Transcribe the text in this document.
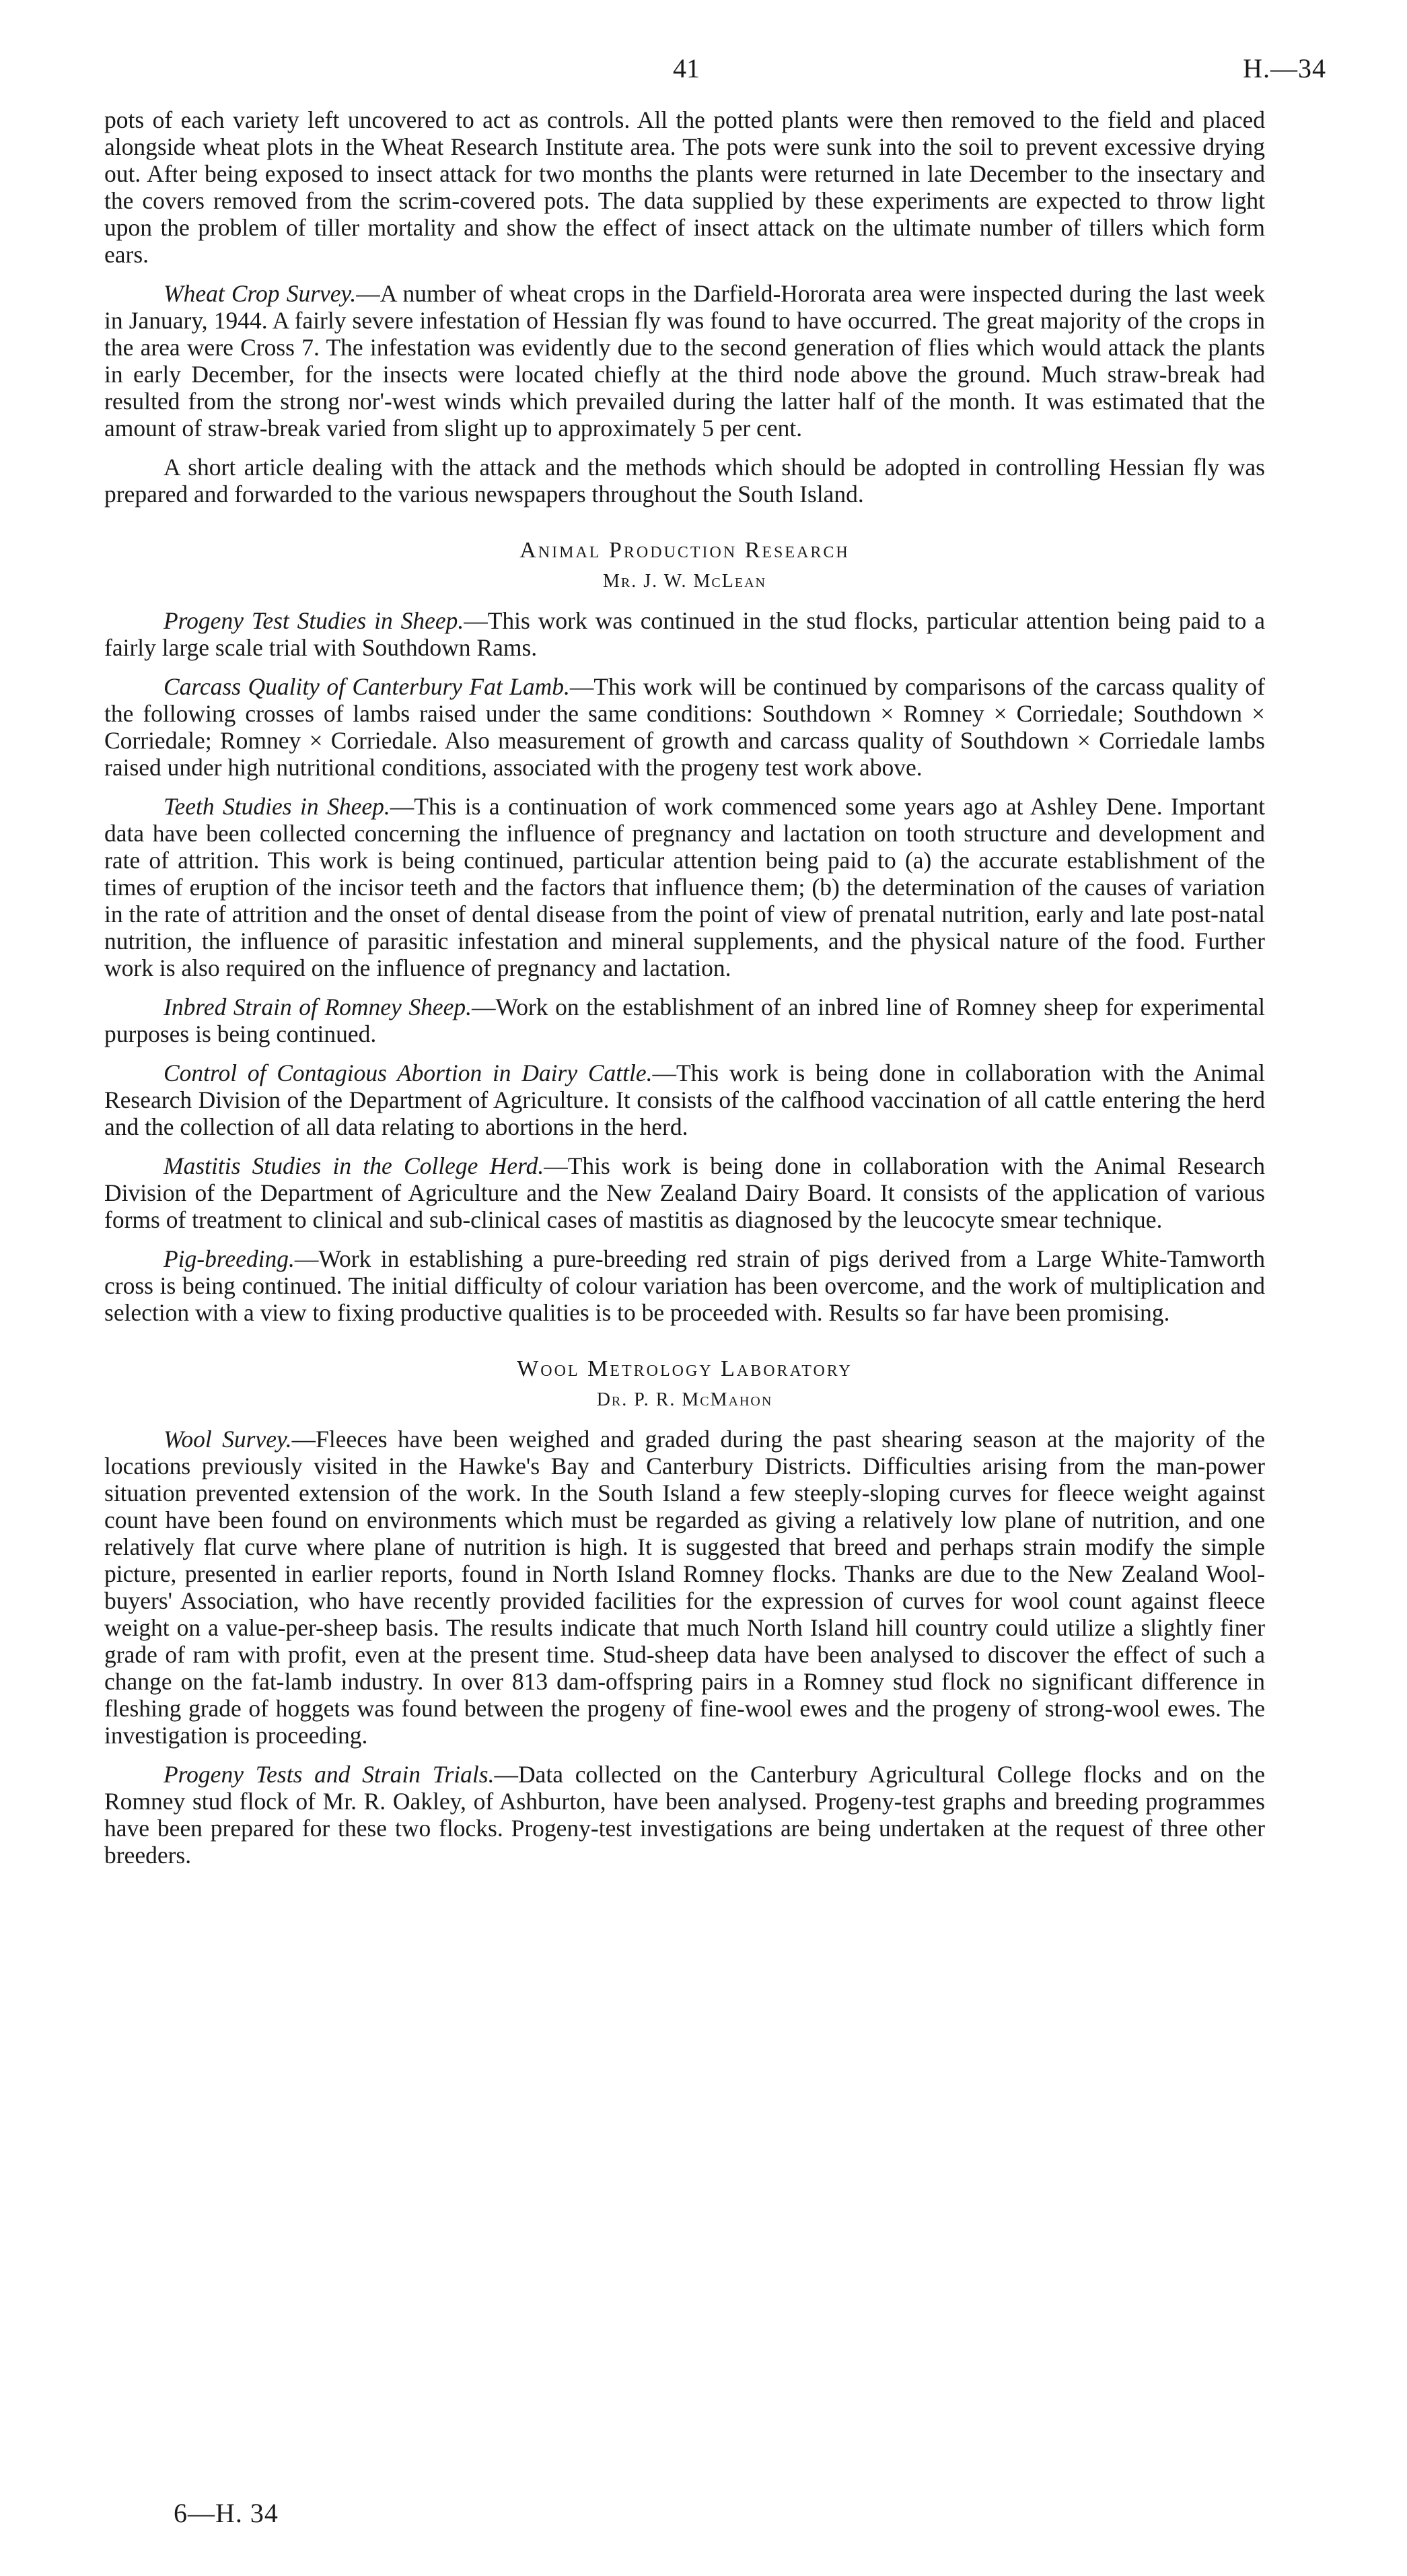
41	H.—34

pots of each variety left uncovered to act as controls. All the potted plants were then removed to the field and placed alongside wheat plots in the Wheat Research Institute area. The pots were sunk into the soil to prevent excessive drying out. After being exposed to insect attack for two months the plants were returned in late December to the insectary and the covers removed from the scrim-covered pots. The data supplied by these experiments are expected to throw light upon the problem of tiller mortality and show the effect of insect attack on the ultimate number of tillers which form ears.

Wheat Crop Survey.—A number of wheat crops in the Darfield-Hororata area were inspected during the last week in January, 1944. A fairly severe infestation of Hessian fly was found to have occurred. The great majority of the crops in the area were Cross 7. The infestation was evidently due to the second generation of flies which would attack the plants in early December, for the insects were located chiefly at the third node above the ground. Much straw-break had resulted from the strong nor'-west winds which prevailed during the latter half of the month. It was estimated that the amount of straw-break varied from slight up to approximately 5 per cent.

A short article dealing with the attack and the methods which should be adopted in controlling Hessian fly was prepared and forwarded to the various newspapers throughout the South Island.

Animal Production Research
Mr. J. W. McLean

Progeny Test Studies in Sheep.—This work was continued in the stud flocks, particular attention being paid to a fairly large scale trial with Southdown Rams.

Carcass Quality of Canterbury Fat Lamb.—This work will be continued by comparisons of the carcass quality of the following crosses of lambs raised under the same conditions: Southdown × Romney × Corriedale; Southdown × Corriedale; Romney × Corriedale. Also measurement of growth and carcass quality of Southdown × Corriedale lambs raised under high nutritional conditions, associated with the progeny test work above.

Teeth Studies in Sheep.—This is a continuation of work commenced some years ago at Ashley Dene. Important data have been collected concerning the influence of pregnancy and lactation on tooth structure and development and rate of attrition. This work is being continued, particular attention being paid to (a) the accurate establishment of the times of eruption of the incisor teeth and the factors that influence them; (b) the determination of the causes of variation in the rate of attrition and the onset of dental disease from the point of view of prenatal nutrition, early and late post-natal nutrition, the influence of parasitic infestation and mineral supplements, and the physical nature of the food. Further work is also required on the influence of pregnancy and lactation.

Inbred Strain of Romney Sheep.—Work on the establishment of an inbred line of Romney sheep for experimental purposes is being continued.

Control of Contagious Abortion in Dairy Cattle.—This work is being done in collaboration with the Animal Research Division of the Department of Agriculture. It consists of the calfhood vaccination of all cattle entering the herd and the collection of all data relating to abortions in the herd.

Mastitis Studies in the College Herd.—This work is being done in collaboration with the Animal Research Division of the Department of Agriculture and the New Zealand Dairy Board. It consists of the application of various forms of treatment to clinical and sub-clinical cases of mastitis as diagnosed by the leucocyte smear technique.

Pig-breeding.—Work in establishing a pure-breeding red strain of pigs derived from a Large White-Tamworth cross is being continued. The initial difficulty of colour variation has been overcome, and the work of multiplication and selection with a view to fixing productive qualities is to be proceeded with. Results so far have been promising.

Wool Metrology Laboratory
Dr. P. R. McMahon

Wool Survey.—Fleeces have been weighed and graded during the past shearing season at the majority of the locations previously visited in the Hawke's Bay and Canterbury Districts. Difficulties arising from the man-power situation prevented extension of the work. In the South Island a few steeply-sloping curves for fleece weight against count have been found on environments which must be regarded as giving a relatively low plane of nutrition, and one relatively flat curve where plane of nutrition is high. It is suggested that breed and perhaps strain modify the simple picture, presented in earlier reports, found in North Island Romney flocks. Thanks are due to the New Zealand Wool-buyers' Association, who have recently provided facilities for the expression of curves for wool count against fleece weight on a value-per-sheep basis. The results indicate that much North Island hill country could utilize a slightly finer grade of ram with profit, even at the present time. Stud-sheep data have been analysed to discover the effect of such a change on the fat-lamb industry. In over 813 dam-offspring pairs in a Romney stud flock no significant difference in fleshing grade of hoggets was found between the progeny of fine-wool ewes and the progeny of strong-wool ewes. The investigation is proceeding.

Progeny Tests and Strain Trials.—Data collected on the Canterbury Agricultural College flocks and on the Romney stud flock of Mr. R. Oakley, of Ashburton, have been analysed. Progeny-test graphs and breeding programmes have been prepared for these two flocks. Progeny-test investigations are being undertaken at the request of three other breeders.

6—H. 34
